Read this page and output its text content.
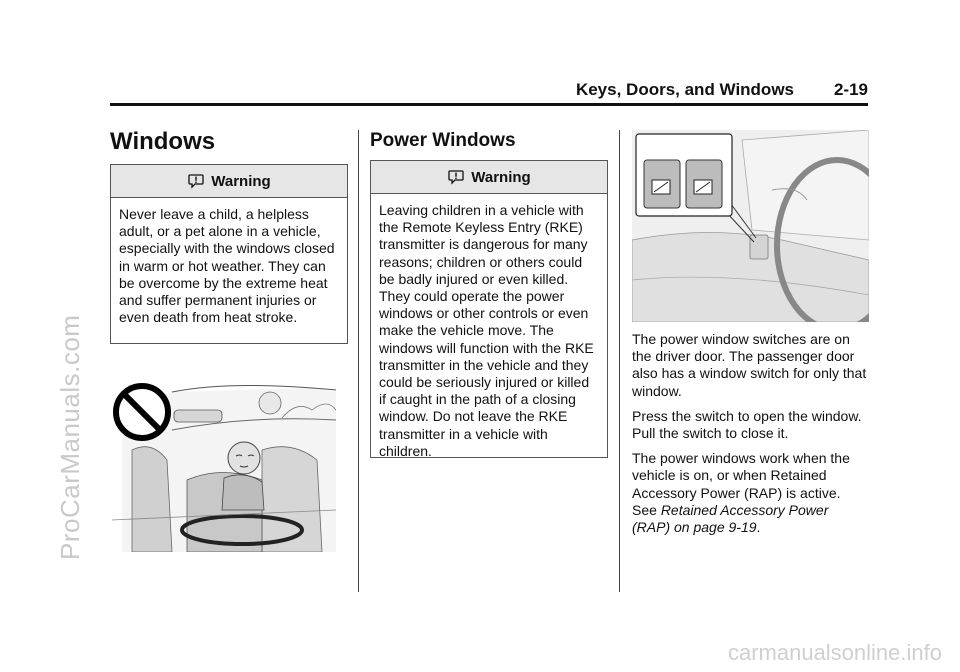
Keys, Doors, and Windows 2-19
ProCarManuals.com
carmanualsonline.info
Windows
Warning
Never leave a child, a helpless adult, or a pet alone in a vehicle, especially with the windows closed in warm or hot weather. They can be overcome by the extreme heat and suffer permanent injuries or even death from heat stroke.
Power Windows
Warning
Leaving children in a vehicle with the Remote Keyless Entry (RKE) transmitter is dangerous for many reasons; children or others could be badly injured or even killed. They could operate the power windows or other controls or even make the vehicle move. The windows will function with the RKE transmitter in the vehicle and they could be seriously injured or killed if caught in the path of a closing window. Do not leave the RKE transmitter in a vehicle with children.

The power window switches are on the driver door. The passenger door also has a window switch for only that window.

Press the switch to open the window. Pull the switch to close it.

The power windows work when the vehicle is on, or when Retained Accessory Power (RAP) is active. See Retained Accessory Power (RAP) on page 9-19.
